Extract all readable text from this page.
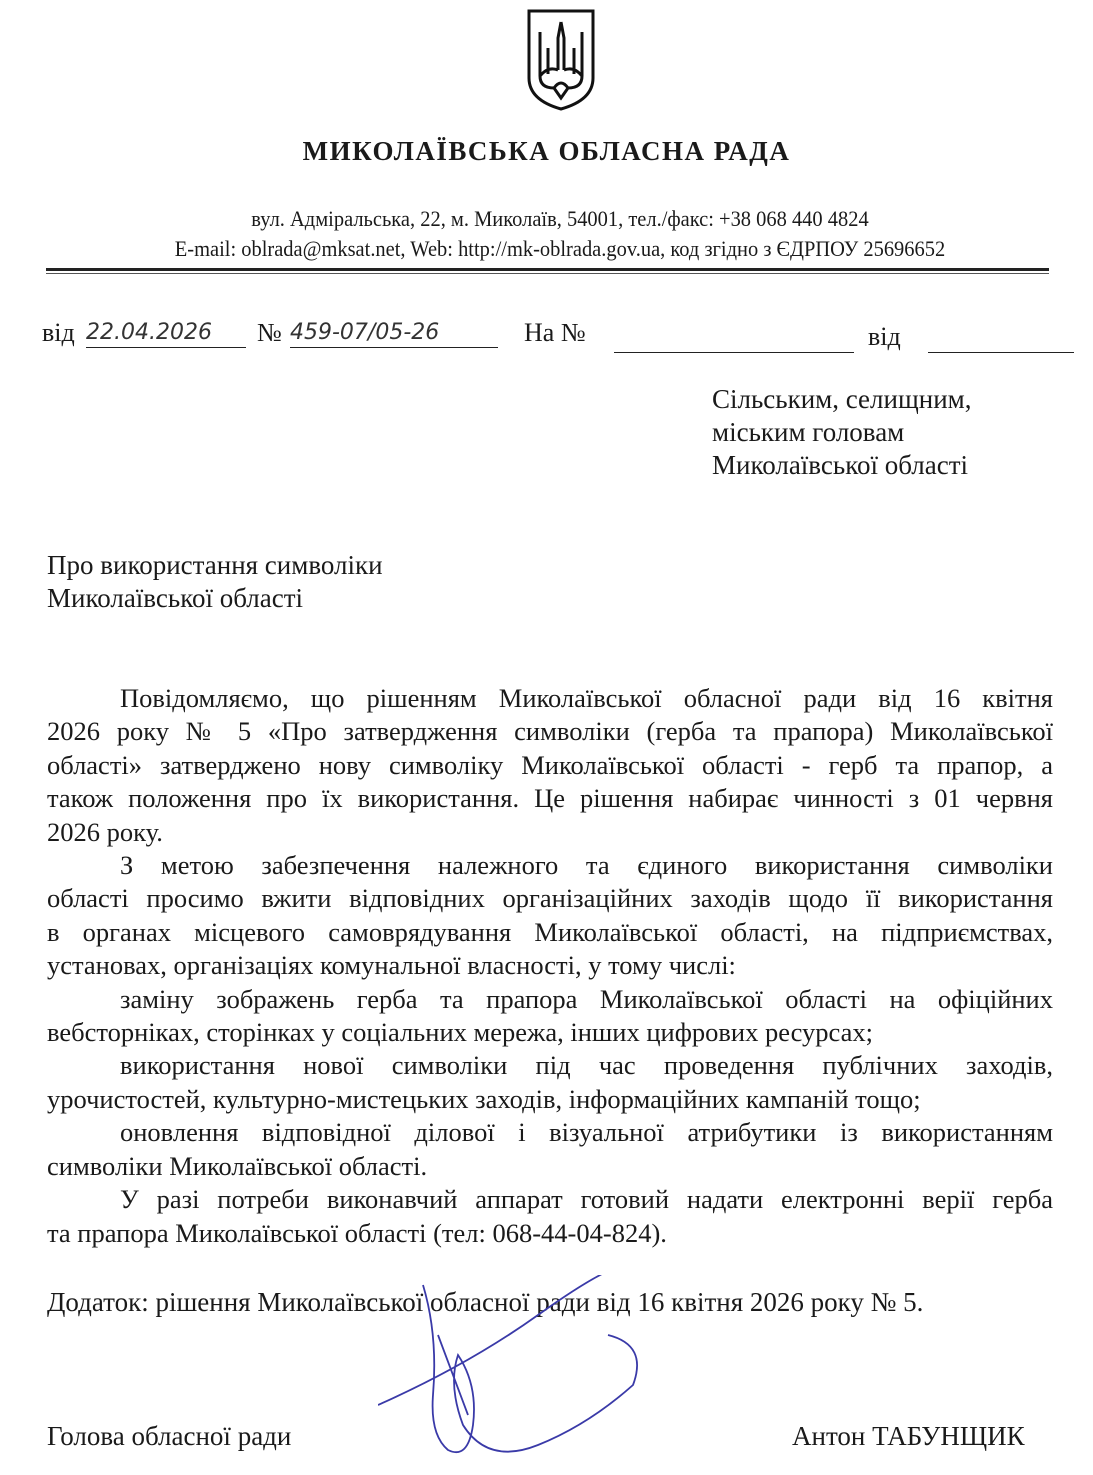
МИКОЛАЇВСЬКА ОБЛАСНА РАДА
вул. Адміральська, 22, м. Миколаїв, 54001, тел./факс: +38 068 440 4824
E-mail: oblrada@mksat.net, Web: http://mk-oblrada.gov.ua, код згідно з ЄДРПОУ 25696652
від 22.04.2026	№ 459-07/05-26	На №	від
Сільським, селищним,
міським головам
Миколаївської області
Про використання символіки
Миколаївської області
Повідомляємо, що рішенням Миколаївської обласної ради від 16 квітня
2026 року № 5 «Про затвердження символіки (герба та прапора) Миколаївської
області» затверджено нову символіку Миколаївської області - герб та прапор, а
також положення про їх використання. Це рішення набирає чинності з 01 червня
2026 року.
З метою забезпечення належного та єдиного використання символіки
області просимо вжити відповідних організаційних заходів щодо її використання
в органах місцевого самоврядування Миколаївської області, на підприємствах,
установах, організаціях комунальної власності, у тому числі:
заміну зображень герба та прапора Миколаївської області на офіційних
вебсторніках, сторінках у соціальних мережа, інших цифрових ресурсах;
використання нової символіки під час проведення публічних заходів,
урочистостей, культурно-мистецьких заходів, інформаційних кампаній тощо;
оновлення відповідної ділової і візуальної атрибутики із використанням
символіки Миколаївської області.
У разі потреби виконавчий аппарат готовий надати електронні верії герба
та прапора Миколаївської області (тел: 068-44-04-824).
Додаток: рішення Миколаївської обласної ради від 16 квітня 2026 року № 5.
Голова обласної ради	Антон ТАБУНЩИК
